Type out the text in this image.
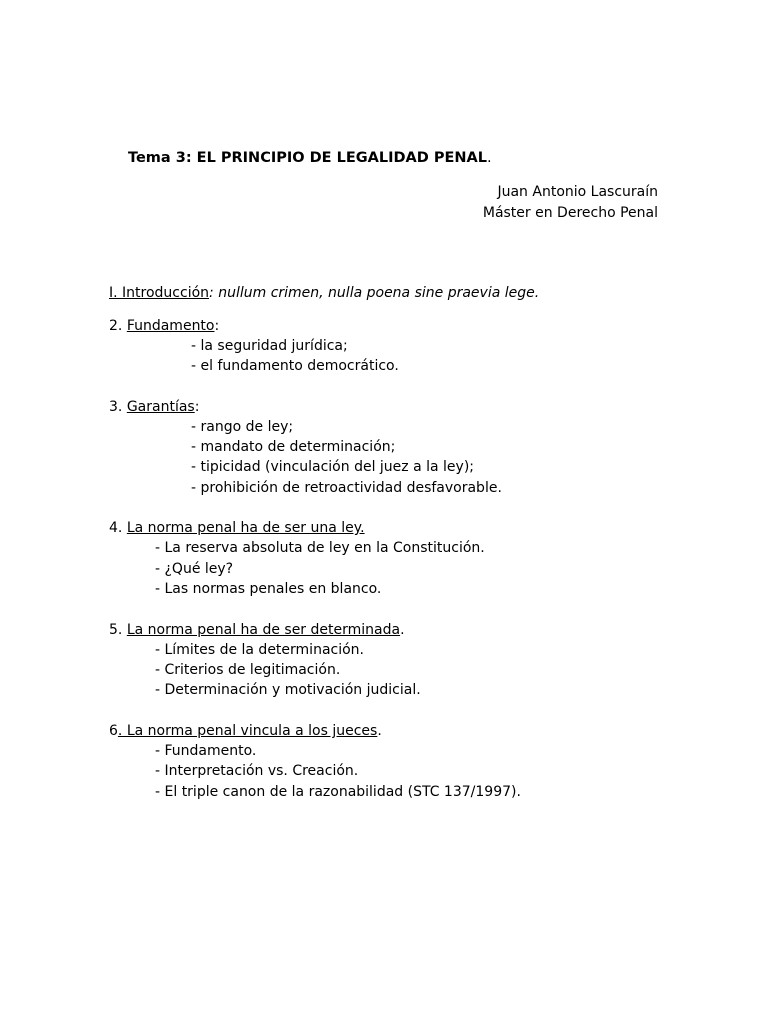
Tema 3: EL PRINCIPIO DE LEGALIDAD PENAL.
Juan Antonio Lascuraín
Máster en Derecho Penal
I. Introducción: nullum crimen, nulla poena sine praevia lege.
2. Fundamento:
- la seguridad jurídica;
- el fundamento democrático.
3. Garantías:
- rango de ley;
- mandato de determinación;
- tipicidad (vinculación del juez a la ley);
- prohibición de retroactividad desfavorable.
4. La norma penal ha de ser una ley.
- La reserva absoluta de ley en la Constitución.
- ¿Qué ley?
- Las normas penales en blanco.
5. La norma penal ha de ser determinada.
- Límites de la determinación.
- Criterios de legitimación.
- Determinación y motivación judicial.
6. La norma penal vincula a los jueces.
- Fundamento.
- Interpretación vs. Creación.
- El triple canon de la razonabilidad (STC 137/1997).
